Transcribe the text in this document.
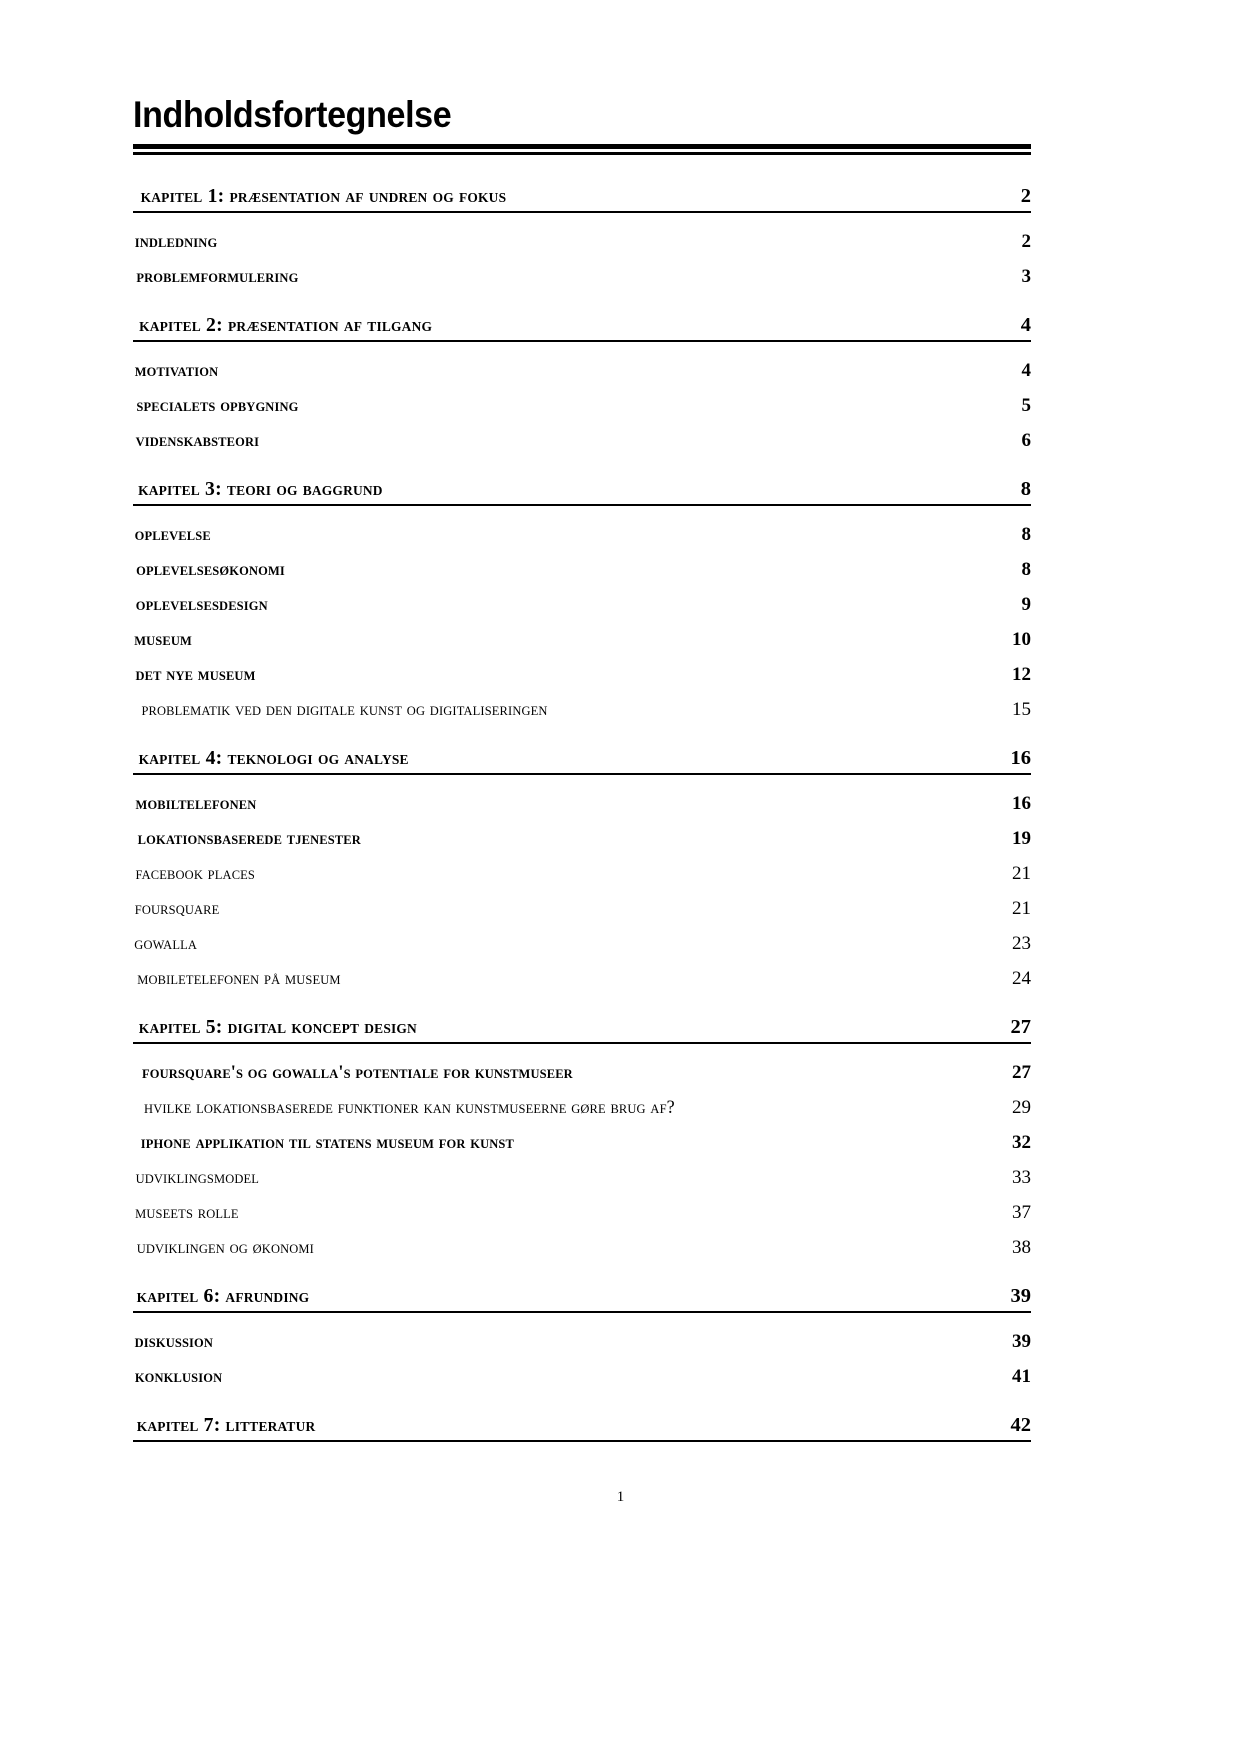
Indholdsfortegnelse
kapitel 1: præsentation af undren og fokus	2
indledning	2
problemformulering	3
kapitel 2: præsentation af tilgang	4
motivation	4
specialets opbygning	5
videnskabsteori	6
kapitel 3: teori og baggrund	8
oplevelse	8
oplevelsesøkonomi	8
oplevelsesdesign	9
museum	10
det nye museum	12
problematik ved den digitale kunst og digitaliseringen	15
kapitel 4: teknologi og analyse	16
mobiltelefonen	16
lokationsbaserede tjenester	19
facebook places	21
foursquare	21
gowalla	23
mobiletelefonen på museum	24
kapitel 5: digital koncept design	27
foursquare's og gowalla's potentiale for kunstmuseer	27
hvilke lokationsbaserede funktioner kan kunstmuseerne gøre brug af?	29
iphone applikation til statens museum for kunst	32
udviklingsmodel	33
museets rolle	37
udviklingen og økonomi	38
kapitel 6: afrunding	39
diskussion	39
konklusion	41
kapitel 7: litteratur	42
1
